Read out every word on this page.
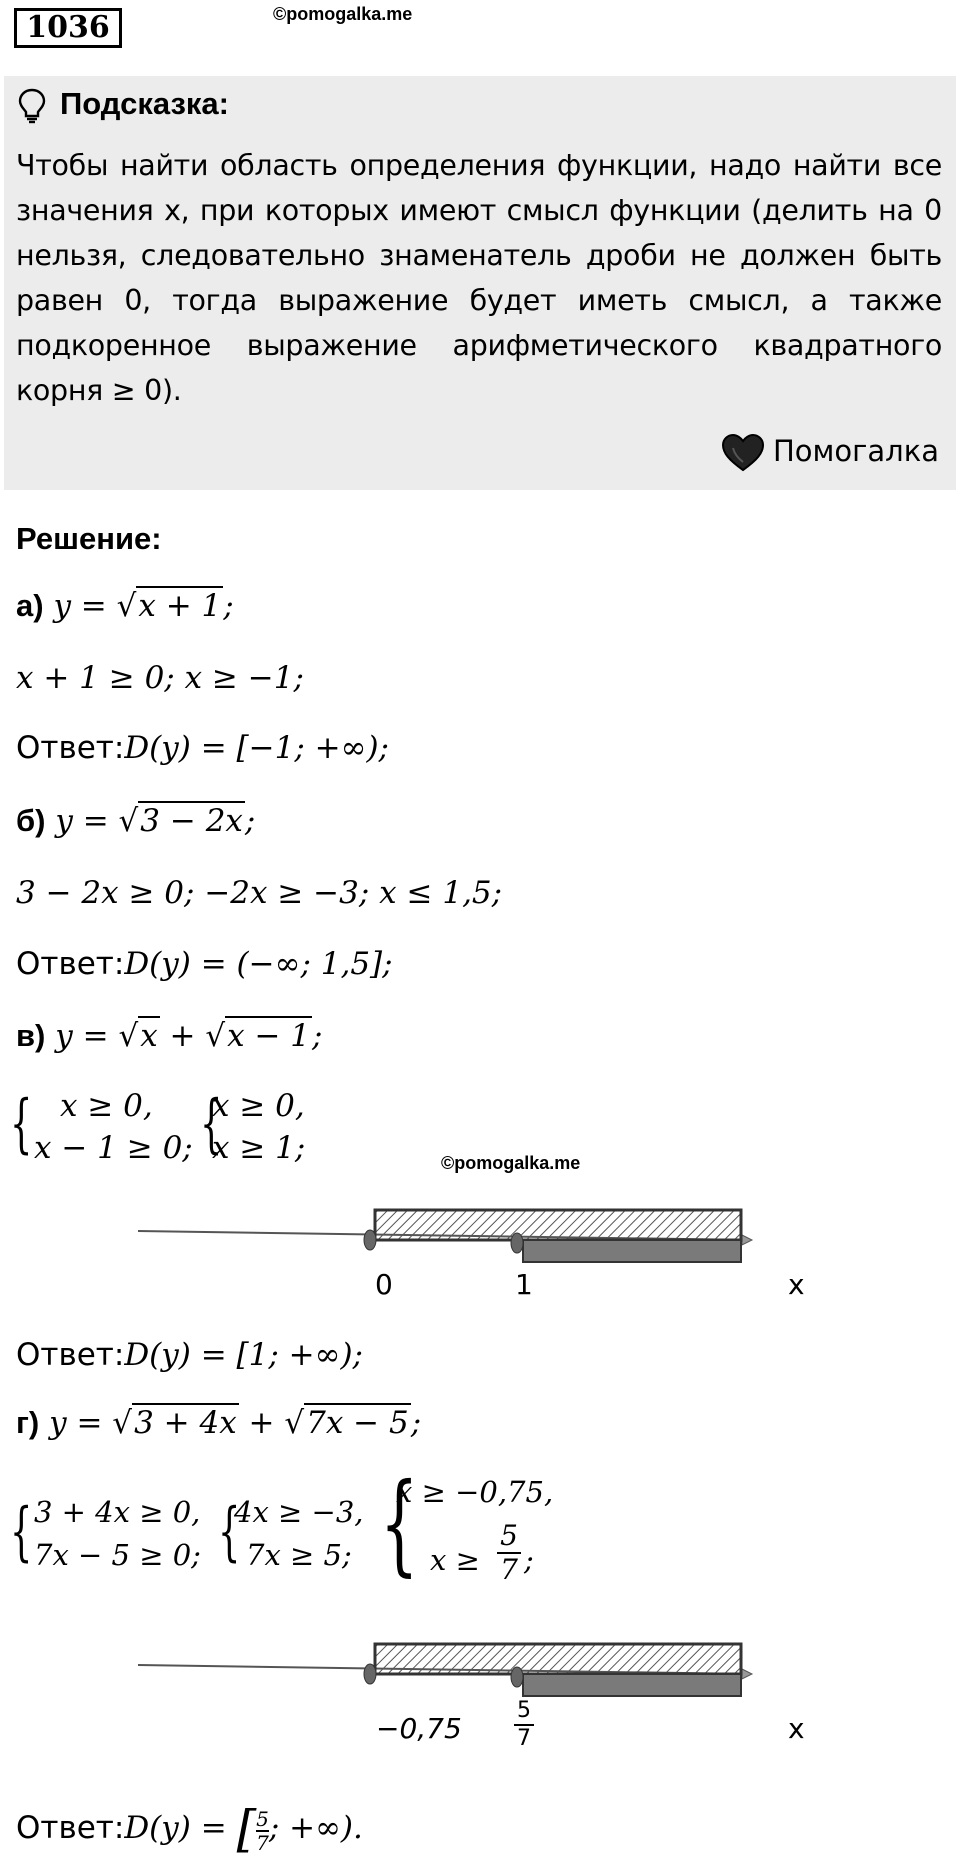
1036	©pomogalka.me
Подсказка:
Чтобы найти область определения функции, надо найти все значения x, при которых имеют смысл функции (делить на 0 нельзя, следовательно знаменатель дроби не должен быть равен 0, тогда выражение будет иметь смысл, а также подкоренное выражение арифметического квадратного корня ≥ 0).
Помогалка
Решение:
а) y = √x + 1;
x + 1 ≥ 0; x ≥ −1;
Ответ:D(y) = [−1; +∞);
б) y = √3 − 2x;
3 − 2x ≥ 0; −2x ≥ −3; x ≤ 1,5;
Ответ:D(y) = (−∞; 1,5];
в) y = √x + √x − 1;
{ x ≥ 0,
x − 1 ≥ 0; {
x ≥ 0,
x ≥ 1;	©pomogalka.me
0	1	x
Ответ:D(y) = [1; +∞);
г) y = √3 + 4x + √7x − 5;
{ 3 + 4x ≥ 0,
7x − 5 ≥ 0; {
4x ≥ −3,
7x ≥ 5; {
x ≥ −0,75,
x ≥
5
7 ;
−0,75
5
7	x
Ответ:D(y) = [ $\frac{5}{7}$ ; +∞).
